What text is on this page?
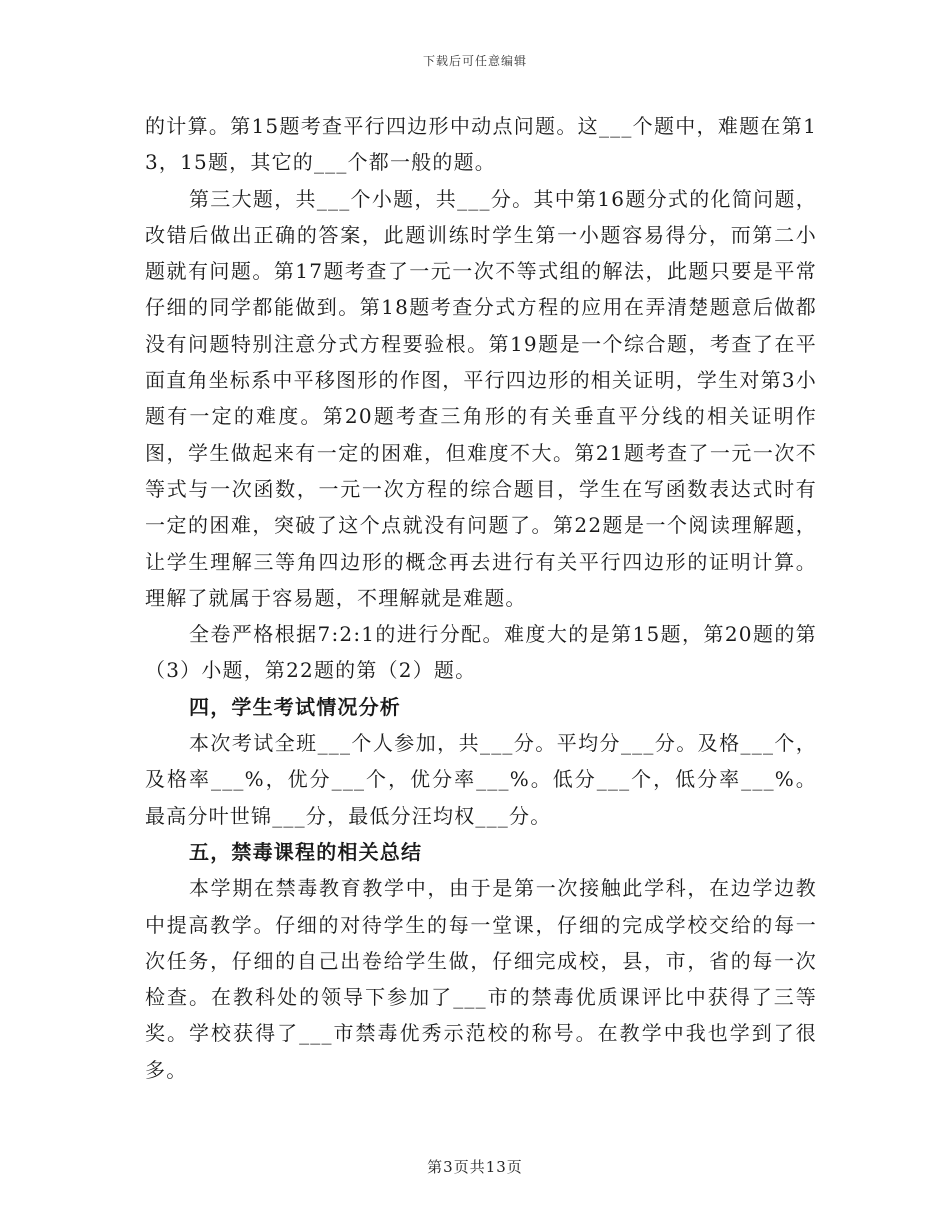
下载后可任意编辑

的计算。第15题考查平行四边形中动点问题。这___个题中，难题在第13，15题，其它的___个都一般的题。

第三大题，共___个小题，共___分。其中第16题分式的化简问题，改错后做出正确的答案，此题训练时学生第一小题容易得分，而第二小题就有问题。第17题考查了一元一次不等式组的解法，此题只要是平常仔细的同学都能做到。第18题考查分式方程的应用在弄清楚题意后做都没有问题特别注意分式方程要验根。第19题是一个综合题，考查了在平面直角坐标系中平移图形的作图，平行四边形的相关证明，学生对第3小题有一定的难度。第20题考查三角形的有关垂直平分线的相关证明作图，学生做起来有一定的困难，但难度不大。第21题考查了一元一次不等式与一次函数，一元一次方程的综合题目，学生在写函数表达式时有一定的困难，突破了这个点就没有问题了。第22题是一个阅读理解题，让学生理解三等角四边形的概念再去进行有关平行四边形的证明计算。理解了就属于容易题，不理解就是难题。

全卷严格根据7:2:1的进行分配。难度大的是第15题，第20题的第（3）小题，第22题的第（2）题。

四，学生考试情况分析

本次考试全班___个人参加，共___分。平均分___分。及格___个，及格率___%，优分___个，优分率___%。低分___个，低分率___%。最高分叶世锦___分，最低分汪均权___分。

五，禁毒课程的相关总结

本学期在禁毒教育教学中，由于是第一次接触此学科，在边学边教中提高教学。仔细的对待学生的每一堂课，仔细的完成学校交给的每一次任务，仔细的自己出卷给学生做，仔细完成校，县，市，省的每一次检查。在教科处的领导下参加了___市的禁毒优质课评比中获得了三等奖。学校获得了___市禁毒优秀示范校的称号。在教学中我也学到了很多。

第3页共13页
